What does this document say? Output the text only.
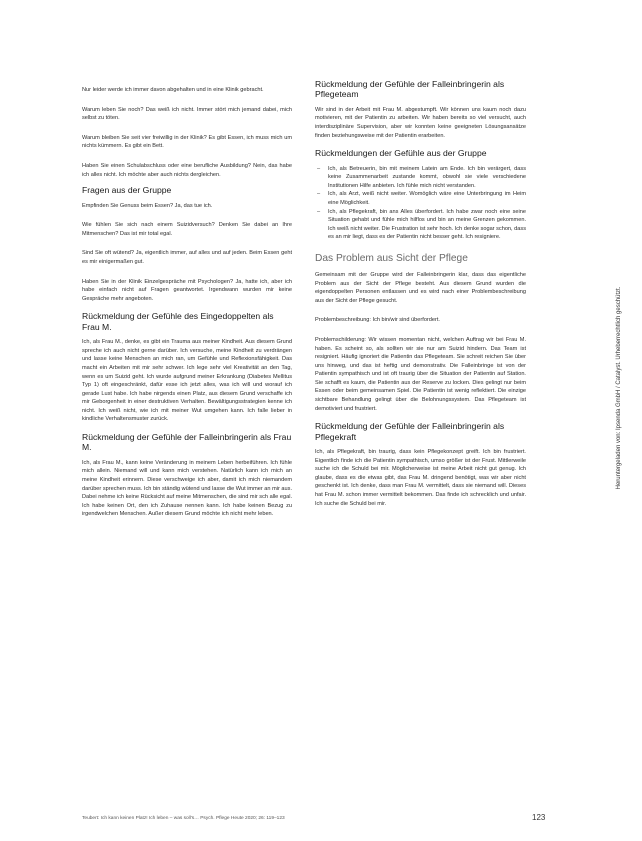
Nur leider werde ich immer davon abgehalten und in eine Klinik gebracht.

Warum leben Sie noch? Das weiß ich nicht. Immer stört mich jemand dabei, mich selbst zu töten.

Warum bleiben Sie seit vier freiwillig in der Klinik? Es gibt Essen, ich muss mich um nichts kümmern. Es gibt ein Bett.

Haben Sie einen Schulabschluss oder eine berufliche Ausbildung? Nein, das habe ich alles nicht. Ich möchte aber auch nichts dergleichen.

Fragen aus der Gruppe

Empfinden Sie Genuss beim Essen? Ja, das tue ich.

Wie fühlen Sie sich nach einem Suizidversuch? Denken Sie dabei an Ihre Mitmenschen? Das ist mir total egal.

Sind Sie oft wütend? Ja, eigentlich immer, auf alles und auf jeden. Beim Essen geht es mir einigermaßen gut.

Haben Sie in der Klinik Einzelgespräche mit Psychologen? Ja, hatte ich, aber ich habe einfach nicht auf Fragen geantwortet. Irgendwann wurden mir keine Gespräche mehr angeboten.

Rückmeldung der Gefühle des Eingedoppelten als Frau M.

Ich, als Frau M., denke, es gibt ein Trauma aus meiner Kindheit. Aus diesem Grund spreche ich auch nicht gerne darüber. Ich versuche, meine Kindheit zu verdrängen und lasse keine Menschen an mich ran, um Gefühle und Reflexionsfähigkeit. Das macht ein Arbeiten mit mir sehr schwer. Ich lege sehr viel Kreativität an den Tag, wenn es um Suizid geht. Ich wurde aufgrund meiner Erkrankung (Diabetes Mellitus Typ 1) oft eingeschränkt, dafür esse ich jetzt alles, was ich will und worauf ich gerade Lust habe. Ich habe nirgends einen Platz, aus diesem Grund verschaffe ich mir Geborgenheit in einer destruktiven Verhalten. Bewältigungsstrategien kenne ich nicht. Ich weiß nicht, wie ich mit meiner Wut umgehen kann. Ich falle lieber in kindliche Verhaltensmuster zurück.

Rückmeldung der Gefühle der Falleinbringerin als Frau M.

Ich, als Frau M., kann keine Veränderung in meinem Leben herbeiführen. Ich fühle mich allein. Niemand will und kann mich verstehen. Natürlich kann ich mich an meine Kindheit erinnern. Diese verschweige ich aber, damit ich mich niemandem darüber sprechen muss. Ich bin ständig wütend und lasse die Wut immer an mir aus. Dabei nehme ich keine Rücksicht auf meine Mitmenschen, die sind mir sch alle egal. Ich habe keinen Ort, den ich Zuhause nennen kann. Ich habe keinen Bezug zu irgendwelchen Menschen. Außer diesem Grund möchte ich nicht mehr leben.

Rückmeldung der Gefühle der Falleinbringerin als Pflegeteam

Wir sind in der Arbeit mit Frau M. abgestumpft. Wir können uns kaum noch dazu motivieren, mit der Patientin zu arbeiten. Wir haben bereits so viel versucht, auch interdisziplinäre Supervision, aber wir konnten keine geeigneten Lösungsansätze finden beziehungsweise mit der Patientin erarbeiten.

Rückmeldungen der Gefühle aus der Gruppe
– Ich, als Betreuerin, bin mit meinem Latein am Ende. Ich bin verärgert, dass keine Zusammenarbeit zustande kommt, obwohl sie viele verschiedene Institutionen Hilfe anbieten. Ich fühle mich nicht verstanden.
– Ich, als Arzt, weiß nicht weiter. Womöglich wäre eine Unterbringung im Heim eine Möglichkeit.
– Ich, als Pflegekraft, bin ans Alles überfordert. Ich habe zwar noch eine seine Situation gehabt und fühle mich hilflos und bin an meine Grenzen gekommen. Ich weiß nicht weiter. Die Frustration ist sehr hoch. Ich denke sogar schon, dass es an mir liegt, dass es der Patientin nicht besser geht. Ich resigniere.
Das Problem aus Sicht der Pflege

Gemeinsam mit der Gruppe wird der Falleinbringerin klar, dass das eigentliche Problem aus der Sicht der Pflege besteht. Aus diesem Grund wurden die eigendoppelten Personen entlassen und es wird nach einer Problembeschreibung aus der Sicht der Pflege gesucht.

Problembeschreibung: Ich bin/wir sind überfordert.

Problemschilderung: Wir wissen momentan nicht, welchen Auftrag wir bei Frau M. haben. Es scheint so, als sollten wir sie nur am Suizid hindern. Das Team ist resigniert. Häufig ignoriert die Patientin das Pflegeteam. Sie schreit reichen Sie über uns hinweg, und das ist heftig und demonstrativ. Die Falleinbringe ist von der Patientin sympathisch und ist oft traurig über die Situation der Patientin auf Station. Sie schafft es kaum, die Patientin aus der Reserve zu locken. Dies gelingt nur beim Essen oder beim gemeinsamen Spiel. Die Patientin ist wenig reflektiert. Die einzige sichtbare Behandlung gelingt über die Belohnungssystem. Das Pflegeteam ist demotiviert und frustriert.

Rückmeldung der Gefühle der Falleinbringerin als Pflegekraft

Ich, als Pflegekraft, bin traurig, dass kein Pflegekonzept greift. Ich bin frustriert. Eigentlich finde ich die Patientin sympathisch, umso größer ist der Frust. Mittlerweile suche ich die Schuld bei mir. Möglicherweise ist meine Arbeit nicht gut genug. Ich glaube, dass es die etwas gibt, das Frau M. dringend benötigt, was wir aber nicht geschenkt ist. Ich denke, dass man Frau M. vermittelt, dass sie niemand will. Dieses hat Frau M. schon immer vermittelt bekommen. Das finde ich schrecklich und unfair. Ich suche die Schuld bei mir.

Teubert: Ich kann keinen Platz! Ich leben – was soll's… Psych. Pflege Heute 2020; 26: 119–123	123
Heruntergeladen von: Ipsenda GmbH / Catalyst. Urheberrechtlich geschützt.
